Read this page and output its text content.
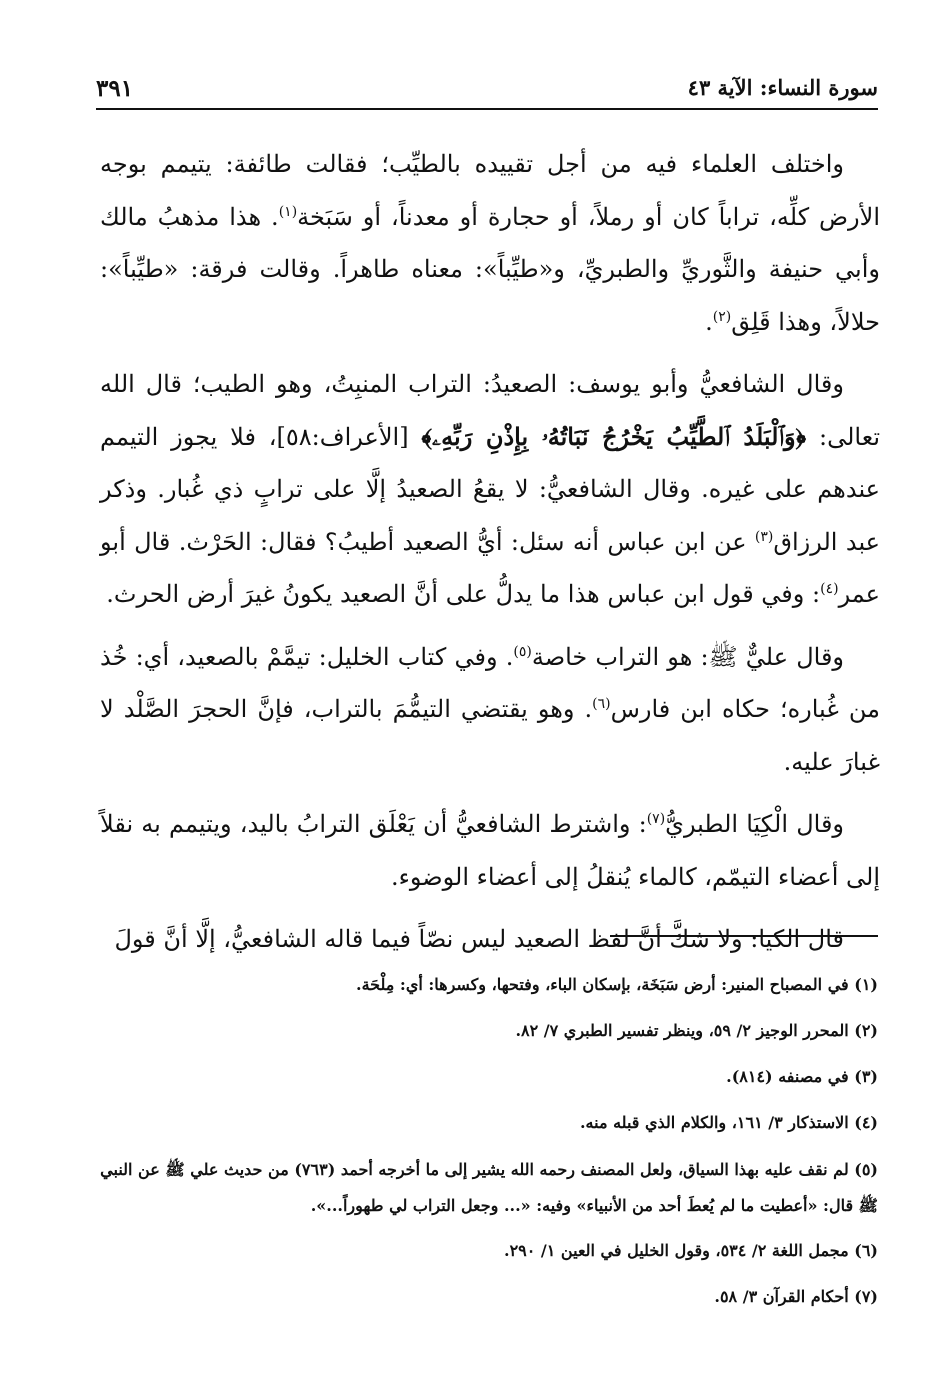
سورة النساء: الآية ٤٣
٣٩١

واختلف العلماء فيه من أجل تقييده بالطيِّب؛ فقالت طائفة: يتيمم بوجه الأرض كلِّه، تراباً كان أو رملاً، أو حجارة أو معدناً، أو سَبَخة$^{(١)}$. هذا مذهبُ مالك وأبي حنيفة والثَّوريِّ والطبريِّ، و«طيِّباً»: معناه طاهراً. وقالت فرقة: «طيِّباً»: حلالاً، وهذا قَلِق$^{(٢)}$.

وقال الشافعيُّ وأبو يوسف: الصعيدُ: التراب المنبِتُ، وهو الطيب؛ قال الله تعالى: ﴿وَٱلْبَلَدُ ٱلطَّيِّبُ يَخْرُجُ نَبَاتُهُۥ بِإِذْنِ رَبِّهِۦ﴾ [الأعراف:٥٨]، فلا يجوز التيمم عندهم على غيره. وقال الشافعيُّ: لا يقعُ الصعيدُ إلَّا على ترابٍ ذي غُبار. وذكر عبد الرزاق$^{(٣)}$ عن ابن عباس أنه سئل: أيُّ الصعيد أطيبُ؟ فقال: الحَرْث. قال أبو عمر$^{(٤)}$: وفي قول ابن عباس هذا ما يدلُّ على أنَّ الصعيد يكونُ غيرَ أرض الحرث.

وقال عليٌّ ﷺ: هو التراب خاصة$^{(٥)}$. وفي كتاب الخليل: تيمَّمْ بالصعيد، أي: خُذ من غُباره؛ حكاه ابن فارس$^{(٦)}$. وهو يقتضي التيمُّمَ بالتراب، فإنَّ الحجرَ الصَّلْد لا غبارَ عليه.

وقال الْكِيَا الطبريُّ$^{(٧)}$: واشترط الشافعيُّ أن يَعْلَق الترابُ باليد، ويتيمم به نقلاً إلى أعضاء التيمّم، كالماء يُنقلُ إلى أعضاء الوضوء.

قال الكيا: ولا شكَّ أنَّ لفظ الصعيد ليس نصّاً فيما قاله الشافعيُّ، إلَّا أنَّ قولَ

(١) في المصباح المنير: أرض سَبَخَة، بإسكان الباء، وفتحها، وكسرها: أي: مِلْحَة.

(٢) المحرر الوجيز ٢/ ٥٩، وينظر تفسير الطبري ٧/ ٨٢.

(٣) في مصنفه (٨١٤).

(٤) الاستذكار ٣/ ١٦١، والكلام الذي قبله منه.

(٥) لم نقف عليه بهذا السياق، ولعل المصنف رحمه الله يشير إلى ما أخرجه أحمد (٧٦٣) من حديث علي ﷺ عن النبي ﷺ قال: «أعطيت ما لم يُعطَ أحد من الأنبياء» وفيه: «... وجعل التراب لي طهوراً...».

(٦) مجمل اللغة ٢/ ٥٣٤، وقول الخليل في العين ١/ ٢٩٠.

(٧) أحكام القرآن ٣/ ٥٨.
